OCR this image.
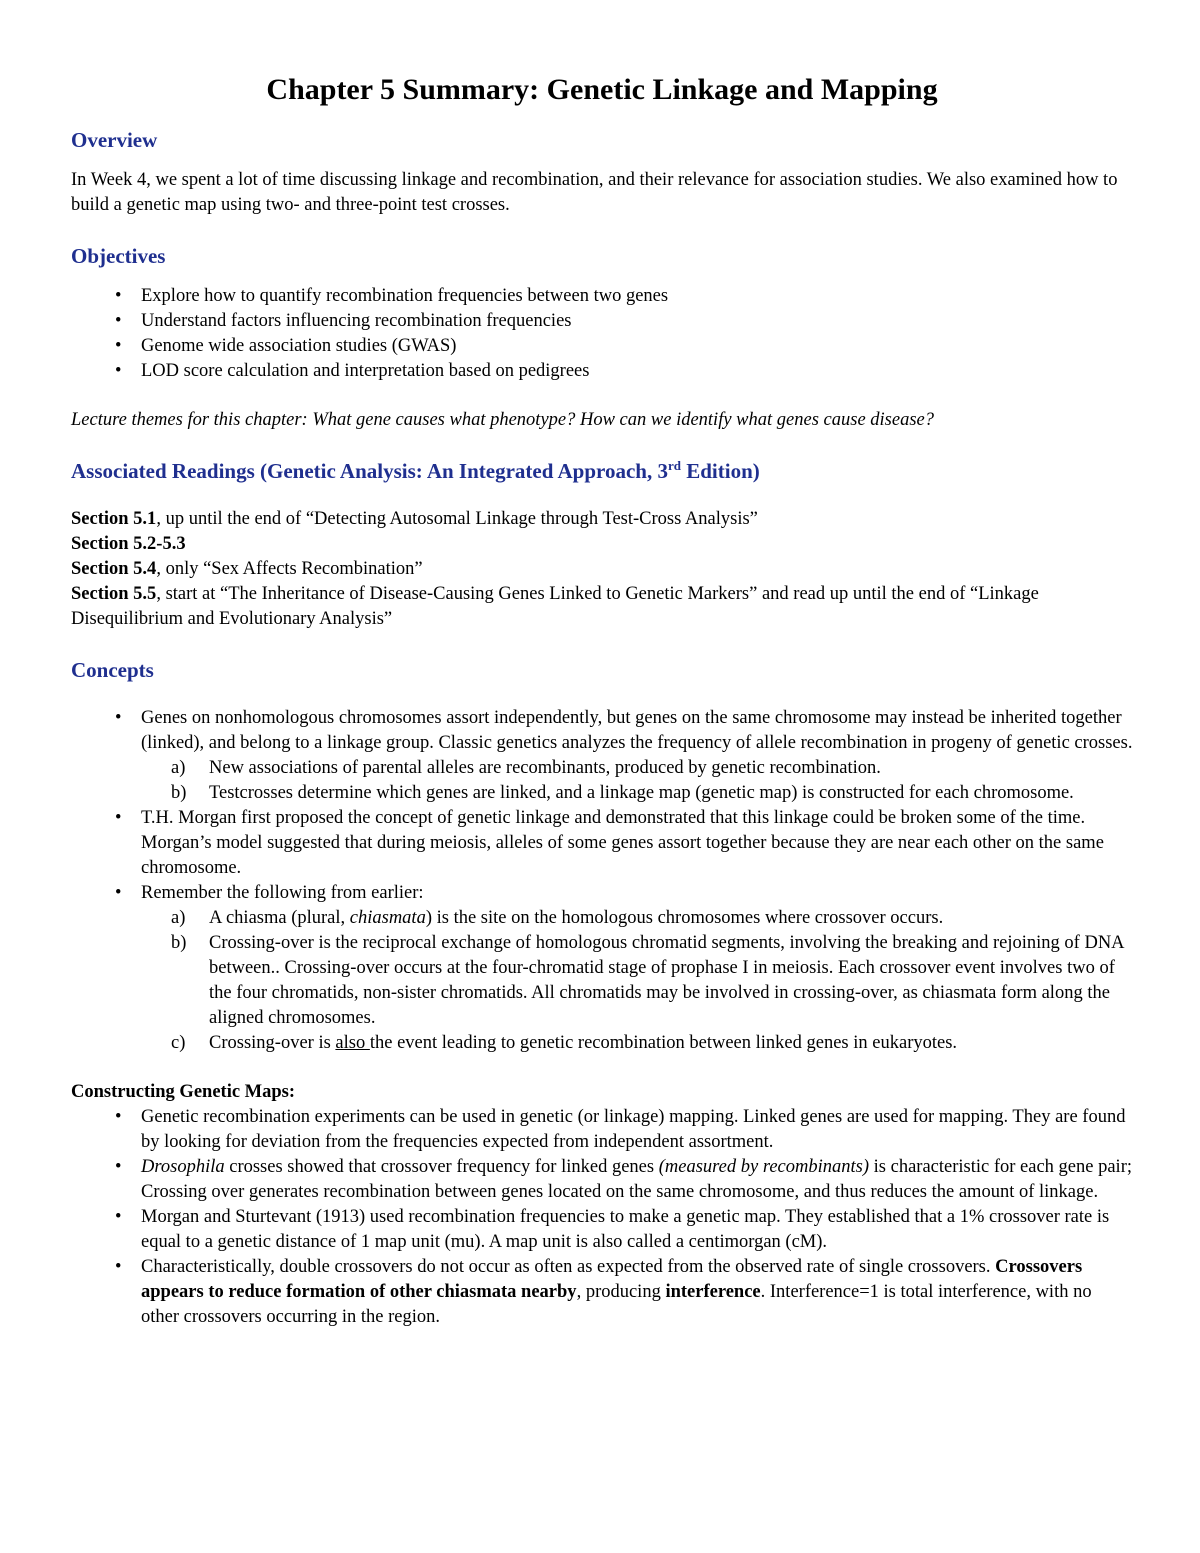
Chapter 5 Summary: Genetic Linkage and Mapping
Overview

In Week 4, we spent a lot of time discussing linkage and recombination, and their relevance for association studies. We also examined how to build a genetic map using two- and three-point test crosses.

Objectives
• Explore how to quantify recombination frequencies between two genes
• Understand factors influencing recombination frequencies
• Genome wide association studies (GWAS)
• LOD score calculation and interpretation based on pedigrees

Lecture themes for this chapter: What gene causes what phenotype? How can we identify what genes cause disease?

Associated Readings (Genetic Analysis: An Integrated Approach, 3rd Edition)

Section 5.1, up until the end of “Detecting Autosomal Linkage through Test-Cross Analysis”

Section 5.2-5.3

Section 5.4, only “Sex Affects Recombination”

Section 5.5, start at “The Inheritance of Disease-Causing Genes Linked to Genetic Markers” and read up until the end of “Linkage Disequilibrium and Evolutionary Analysis”

Concepts
• Genes on nonhomologous chromosomes assort independently, but genes on the same chromosome may instead be inherited together (linked), and belong to a linkage group. Classic genetics analyzes the frequency of allele recombination in progeny of genetic crosses.
a) New associations of parental alleles are recombinants, produced by genetic recombination.
b) Testcrosses determine which genes are linked, and a linkage map (genetic map) is constructed for each chromosome.
• T.H. Morgan first proposed the concept of genetic linkage and demonstrated that this linkage could be broken some of the time. Morgan’s model suggested that during meiosis, alleles of some genes assort together because they are near each other on the same chromosome.
• Remember the following from earlier:
a) A chiasma (plural, chiasmata) is the site on the homologous chromosomes where crossover occurs.
b) Crossing-over is the reciprocal exchange of homologous chromatid segments, involving the breaking and rejoining of DNA between.. Crossing-over occurs at the four-chromatid stage of prophase I in meiosis. Each crossover event involves two of the four chromatids, non-sister chromatids. All chromatids may be involved in crossing-over, as chiasmata form along the aligned chromosomes.
c) Crossing-over is also the event leading to genetic recombination between linked genes in eukaryotes.

Constructing Genetic Maps:

• Genetic recombination experiments can be used in genetic (or linkage) mapping. Linked genes are used for mapping. They are found by looking for deviation from the frequencies expected from independent assortment.
• Drosophila crosses showed that crossover frequency for linked genes (measured by recombinants) is characteristic for each gene pair; Crossing over generates recombination between genes located on the same chromosome, and thus reduces the amount of linkage.
• Morgan and Sturtevant (1913) used recombination frequencies to make a genetic map. They established that a 1% crossover rate is equal to a genetic distance of 1 map unit (mu). A map unit is also called a centimorgan (cM).
• Characteristically, double crossovers do not occur as often as expected from the observed rate of single crossovers. Crossovers appears to reduce formation of other chiasmata nearby, producing interference. Interference=1 is total interference, with no other crossovers occurring in the region.
